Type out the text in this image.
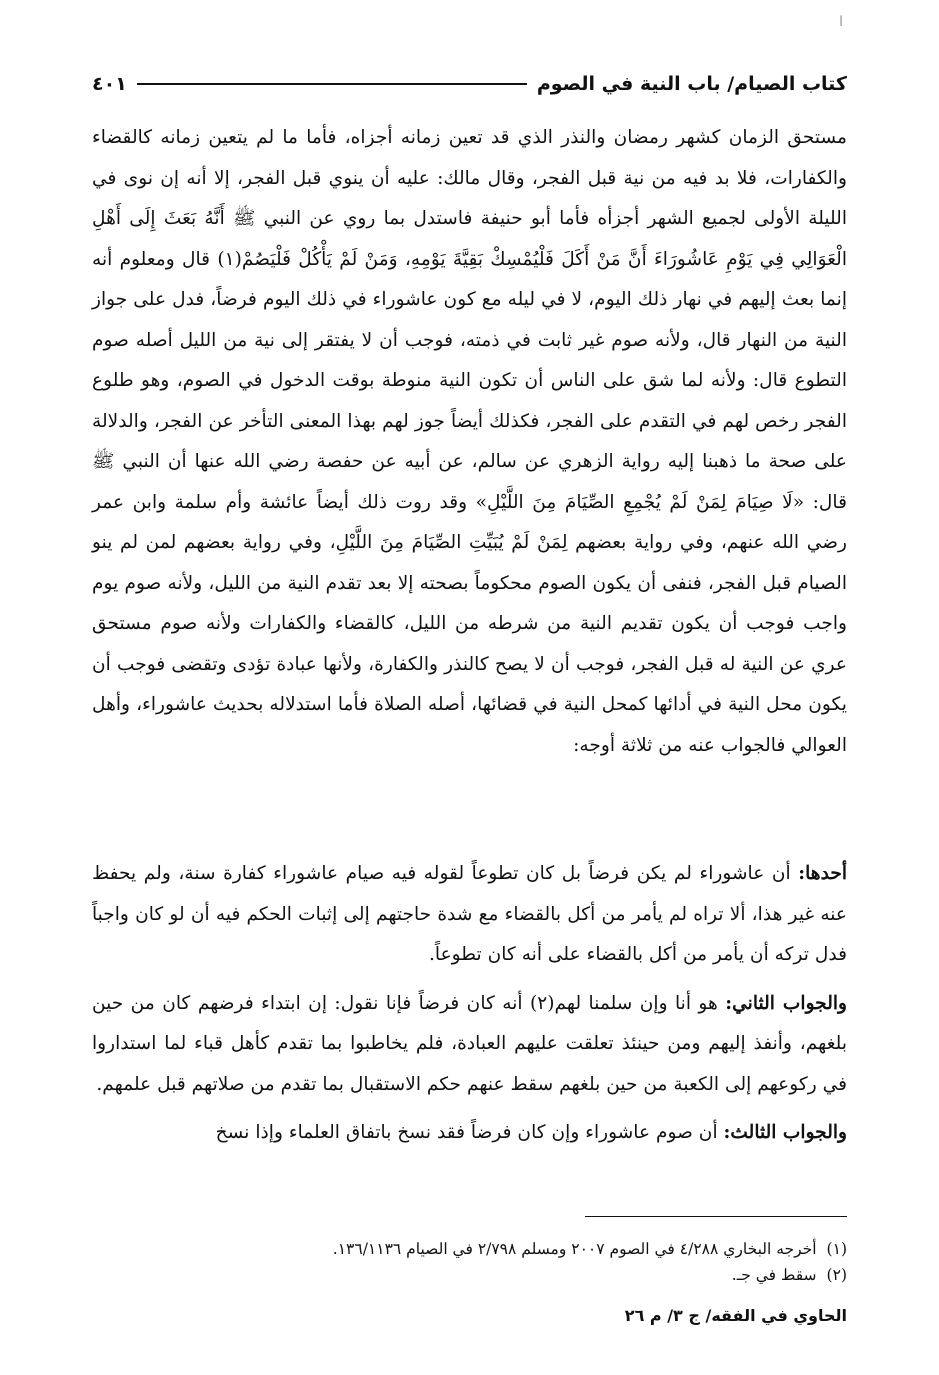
ا
كتاب الصيام/ باب النية في الصوم
٤٠١

مستحق الزمان كشهر رمضان والنذر الذي قد تعين زمانه أجزاه، فأما ما لم يتعين زمانه كالقضاء والكفارات، فلا بد فيه من نية قبل الفجر، وقال مالك: عليه أن ينوي قبل الفجر، إلا أنه إن نوى في الليلة الأولى لجميع الشهر أجزأه فأما أبو حنيفة فاستدل بما روي عن النبي ﷺ أَنَّهُ بَعَثَ إِلَى أَهْلِ الْعَوَالِي فِي يَوْمِ عَاشُورَاءَ أَنَّ مَنْ أَكَلَ فَلْيُمْسِكْ بَقِيَّةَ يَوْمِهِ، وَمَنْ لَمْ يَأْكُلْ فَلْيَصُمْ(١) قال ومعلوم أنه إنما بعث إليهم في نهار ذلك اليوم، لا في ليله مع كون عاشوراء في ذلك اليوم فرضاً، فدل على جواز النية من النهار قال، ولأنه صوم غير ثابت في ذمته، فوجب أن لا يفتقر إلى نية من الليل أصله صوم التطوع قال: ولأنه لما شق على الناس أن تكون النية منوطة بوقت الدخول في الصوم، وهو طلوع الفجر رخص لهم في التقدم على الفجر، فكذلك أيضاً جوز لهم بهذا المعنى التأخر عن الفجر، والدلالة على صحة ما ذهبنا إليه رواية الزهري عن سالم، عن أبيه عن حفصة رضي الله عنها أن النبي ﷺ قال: «لَا صِيَامَ لِمَنْ لَمْ يُجْمِعِ الصِّيَامَ مِنَ اللَّيْلِ» وقد روت ذلك أيضاً عائشة وأم سلمة وابن عمر رضي الله عنهم، وفي رواية بعضهم لِمَنْ لَمْ يُبَيِّتِ الصِّيَامَ مِنَ اللَّيْلِ، وفي رواية بعضهم لمن لم ينو الصيام قبل الفجر، فنفى أن يكون الصوم محكوماً بصحته إلا بعد تقدم النية من الليل، ولأنه صوم يوم واجب فوجب أن يكون تقديم النية من شرطه من الليل، كالقضاء والكفارات ولأنه صوم مستحق عري عن النية له قبل الفجر، فوجب أن لا يصح كالنذر والكفارة، ولأنها عبادة تؤدى وتقضى فوجب أن يكون محل النية في أدائها كمحل النية في قضائها، أصله الصلاة فأما استدلاله بحديث عاشوراء، وأهل العوالي فالجواب عنه من ثلاثة أوجه:

أحدها: أن عاشوراء لم يكن فرضاً بل كان تطوعاً لقوله فيه صيام عاشوراء كفارة سنة، ولم يحفظ عنه غير هذا، ألا تراه لم يأمر من أكل بالقضاء مع شدة حاجتهم إلى إثبات الحكم فيه أن لو كان واجباً فدل تركه أن يأمر من أكل بالقضاء على أنه كان تطوعاً.

والجواب الثاني: هو أنا وإن سلمنا لهم(٢) أنه كان فرضاً فإنا نقول: إن ابتداء فرضهم كان من حين بلغهم، وأنفذ إليهم ومن حينئذ تعلقت عليهم العبادة، فلم يخاطبوا بما تقدم كأهل قباء لما استداروا في ركوعهم إلى الكعبة من حين بلغهم سقط عنهم حكم الاستقبال بما تقدم من صلاتهم قبل علمهم.

والجواب الثالث: أن صوم عاشوراء وإن كان فرضاً فقد نسخ باتفاق العلماء وإذا نسخ

(١)أخرجه البخاري ٤/٢٨٨ في الصوم ٢٠٠٧ ومسلم ٢/٧٩٨ في الصيام ١٣٦/١١٣٦.
(٢)سقط في جـ.
الحاوي في الفقه/ ج ٣/ م ٢٦
